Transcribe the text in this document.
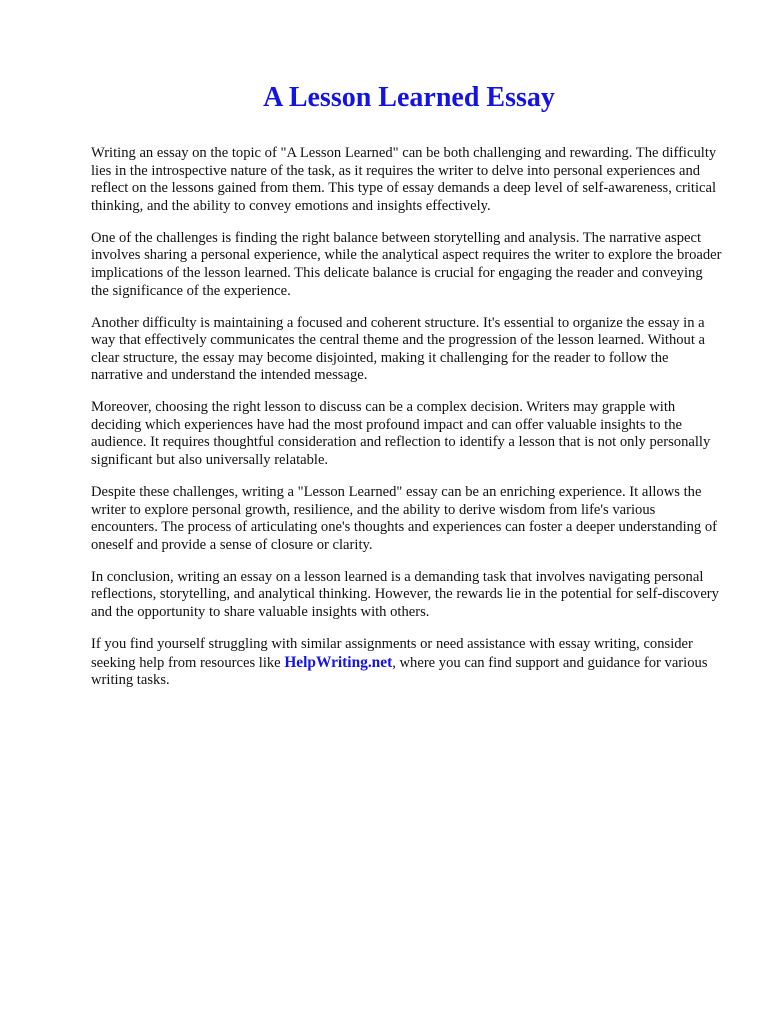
A Lesson Learned Essay

Writing an essay on the topic of "A Lesson Learned" can be both challenging and rewarding. The difficulty lies in the introspective nature of the task, as it requires the writer to delve into personal experiences and reflect on the lessons gained from them. This type of essay demands a deep level of self-awareness, critical thinking, and the ability to convey emotions and insights effectively.

One of the challenges is finding the right balance between storytelling and analysis. The narrative aspect involves sharing a personal experience, while the analytical aspect requires the writer to explore the broader implications of the lesson learned. This delicate balance is crucial for engaging the reader and conveying the significance of the experience.

Another difficulty is maintaining a focused and coherent structure. It's essential to organize the essay in a way that effectively communicates the central theme and the progression of the lesson learned. Without a clear structure, the essay may become disjointed, making it challenging for the reader to follow the narrative and understand the intended message.

Moreover, choosing the right lesson to discuss can be a complex decision. Writers may grapple with deciding which experiences have had the most profound impact and can offer valuable insights to the audience. It requires thoughtful consideration and reflection to identify a lesson that is not only personally significant but also universally relatable.

Despite these challenges, writing a "Lesson Learned" essay can be an enriching experience. It allows the writer to explore personal growth, resilience, and the ability to derive wisdom from life's various encounters. The process of articulating one's thoughts and experiences can foster a deeper understanding of oneself and provide a sense of closure or clarity.

In conclusion, writing an essay on a lesson learned is a demanding task that involves navigating personal reflections, storytelling, and analytical thinking. However, the rewards lie in the potential for self-discovery and the opportunity to share valuable insights with others.

If you find yourself struggling with similar assignments or need assistance with essay writing, consider seeking help from resources like HelpWriting.net, where you can find support and guidance for various writing tasks.
